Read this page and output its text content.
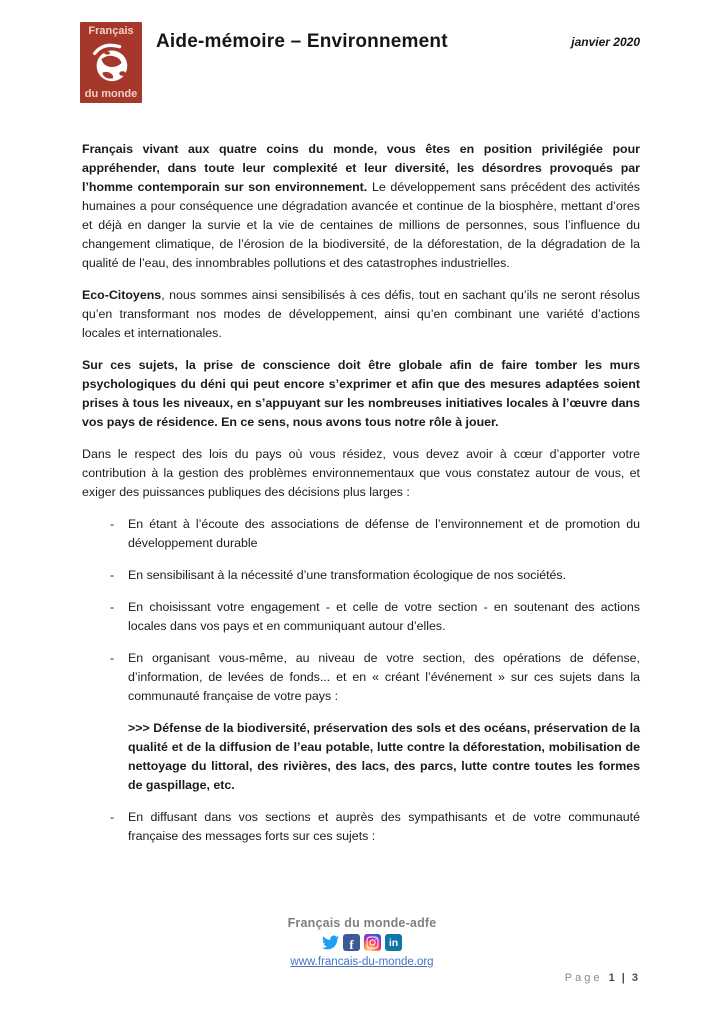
Français
du monde
Aide-mémoire – Environnement	janvier 2020

Français vivant aux quatre coins du monde, vous êtes en position privilégiée pour appréhender, dans toute leur complexité et leur diversité, les désordres provoqués par l’homme contemporain sur son environnement. Le développement sans précédent des activités humaines a pour conséquence une dégradation avancée et continue de la biosphère, mettant d’ores et déjà en danger la survie et la vie de centaines de millions de personnes, sous l’influence du changement climatique, de l’érosion de la biodiversité, de la déforestation, de la dégradation de la qualité de l’eau, des innombrables pollutions et des catastrophes industrielles.

Eco-Citoyens, nous sommes ainsi sensibilisés à ces défis, tout en sachant qu’ils ne seront résolus qu’en transformant nos modes de développement, ainsi qu’en combinant une variété d’actions locales et internationales.

Sur ces sujets, la prise de conscience doit être globale afin de faire tomber les murs psychologiques du déni qui peut encore s’exprimer et afin que des mesures adaptées soient prises à tous les niveaux, en s’appuyant sur les nombreuses initiatives locales à l’œuvre dans vos pays de résidence. En ce sens, nous avons tous notre rôle à jouer.

Dans le respect des lois du pays où vous résidez, vous devez avoir à cœur d’apporter votre contribution à la gestion des problèmes environnementaux que vous constatez autour de vous, et exiger des puissances publiques des décisions plus larges :

-	En étant à l’écoute des associations de défense de l’environnement et de promotion du développement durable
-	En sensibilisant à la nécessité d’une transformation écologique de nos sociétés.
-	En choisissant votre engagement - et celle de votre section - en soutenant des actions locales dans vos pays et en communiquant autour d’elles.
-	En organisant vous-même, au niveau de votre section, des opérations de défense, d’information, de levées de fonds... et en « créant l’événement » sur ces sujets dans la communauté française de votre pays :

>>> Défense de la biodiversité, préservation des sols et des océans, préservation de la qualité et de la diffusion de l’eau potable, lutte contre la déforestation, mobilisation de nettoyage du littoral, des rivières, des lacs, des parcs, lutte contre toutes les formes de gaspillage, etc.

-	En diffusant dans vos sections et auprès des sympathisants et de votre communauté française des messages forts sur ces sujets :
Français du monde-adfe
f	in
www.francais-du-monde.org
Page 1 | 3
